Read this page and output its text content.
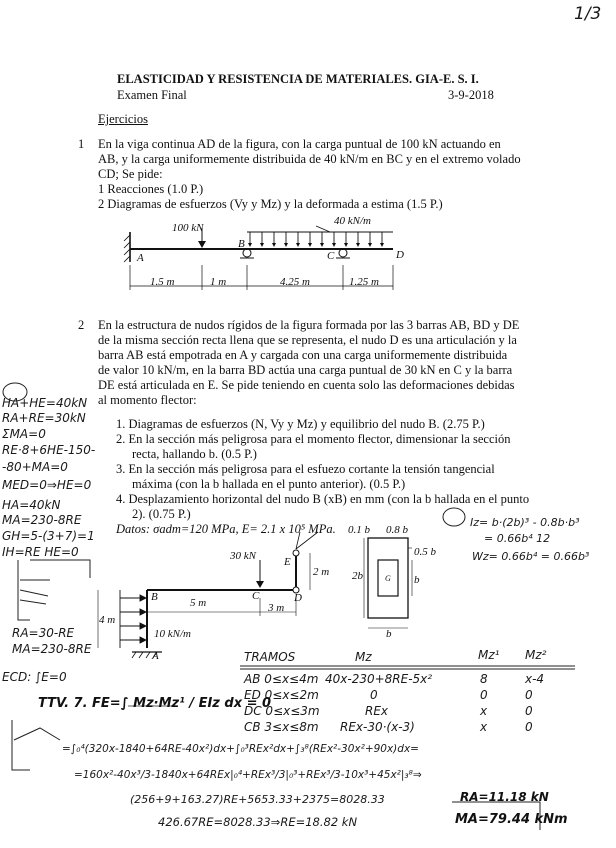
1/3
ELASTICIDAD Y RESISTENCIA DE MATERIALES. GIA-E. S. I.
Examen Final	3-9-2018
Ejercicios
1 En la viga continua AD de la figura, con la carga puntual de 100 kN actuando en
AB, y la carga uniformemente distribuida de 40 kN/m en BC y en el extremo volado
CD; Se pide:
1 Reacciones (1.0 P.)
2 Diagramas de esfuerzos (Vy y Mz) y la deformada a estima (1.5 P.)
100 kN
40 kN/m
A
B
C	D
1.5 m	1 m	4.25 m	1.25 m
2 En la estructura de nudos rígidos de la figura formada por las 3 barras AB, BD y DE
de la misma sección recta llena que se representa, el nudo D es una articulación y la
barra AB está empotrada en A y cargada con una carga uniformemente distribuida
de valor 10 kN/m, en la barra BD actúa una carga puntual de 30 kN en C y la barra
DE está articulada en E. Se pide teniendo en cuenta solo las deformaciones debidas
al momento flector:
1. Diagramas de esfuerzos (N, Vy y Mz) y equilibrio del nudo B. (2.75 P.)
2. En la sección más peligrosa para el momento flector, dimensionar la sección
recta, hallando b. (0.5 P.)
3. En la sección más peligrosa para el esfuezo cortante la tensión tangencial
máxima (con la b hallada en el punto anterior). (0.5 P.)
4. Desplazamiento horizontal del nudo B (xB) en mm (con la b hallada en el punto
2). (0.75 P.)
Datos: σadm=120 MPa, E= 2.1 x 10⁵ MPa.
HA+HE=40kN
RA+RE=30kN
ΣMA=0
RE·8+6HE-150-
-80+MA=0
MED=0⇒HE=0
HA=40kN
MA=230-8RE
GH=5-(3+7)=1
IH=RE HE=0
MA=230-8RE
RA=30-RE
ECD: ∫E=0
B	C	D
E
A
30 kN
10 kN/m
5 m	3 m
4 m
2 m
0.1 b 0.8 b
0.5 b
2b	b
b
G
Iz= b·(2b)³ - 0.8b·b³
= 0.66b⁴ 12
Wz= 0.66b⁴ = 0.66b³
TRAMOS	Mz	Mz¹ Mz²
AB 0≤x≤4m 40x-230+8RE-5x²	8	x-4
ED 0≤x≤2m	0	0	0
DC 0≤x≤3m	REx	x	0
CB 3≤x≤8m REx-30·(x-3)	x	0
TTV. 7. FE=∫ Mz·Mz¹ / EIz dx = 0
=∫₀⁴(320x-1840+64RE-40x²)dx+∫₀³REx²dx+∫₃⁸(REx²-30x²+90x)dx=
=160x²-40x³/3-1840x+64REx|₀⁴+REx³/3|₀³+REx³/3-10x³+45x²|₃⁸⇒
(256+9+163.27)RE+5653.33+2375=8028.33
426.67RE=8028.33⇒RE=18.82 kN
RA=11.18 kN
MA=79.44 kNm
